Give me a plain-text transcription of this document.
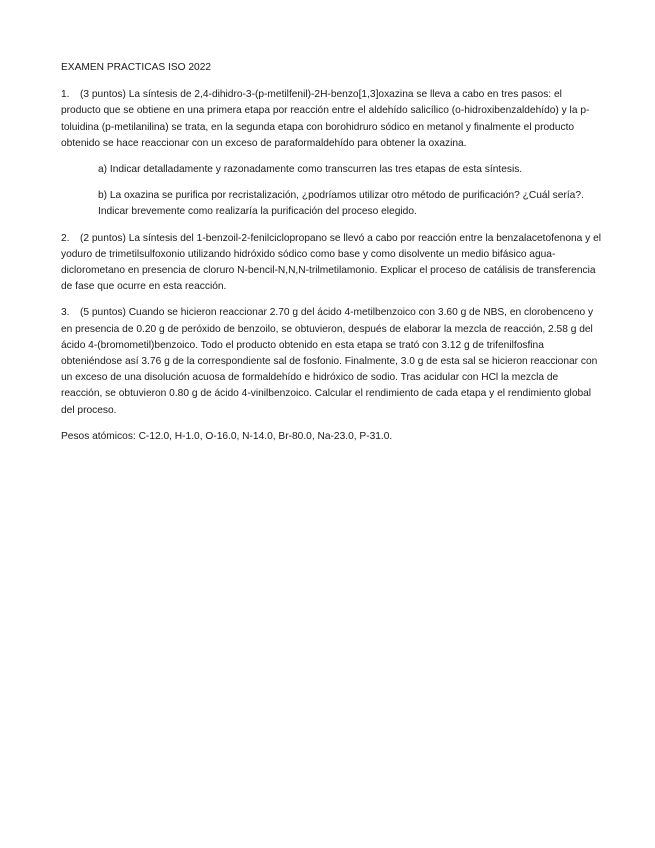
EXAMEN PRACTICAS ISO 2022

1. (3 puntos) La síntesis de 2,4-dihidro-3-(p-metilfenil)-2H-benzo[1,3]oxazina se lleva a cabo en tres pasos: el producto que se obtiene en una primera etapa por reacción entre el aldehído salicílico (o-hidroxibenzaldehído) y la p-toluidina (p-metilanilina) se trata, en la segunda etapa con borohidruro sódico en metanol y finalmente el producto obtenido se hace reaccionar con un exceso de paraformaldehído para obtener la oxazina.

a) Indicar detalladamente y razonadamente como transcurren las tres etapas de esta síntesis.

b) La oxazina se purifica por recristalización, ¿podríamos utilizar otro método de purificación? ¿Cuál sería?. Indicar brevemente como realizaría la purificación del proceso elegido.

2. (2 puntos) La síntesis del 1-benzoil-2-fenilciclopropano se llevó a cabo por reacción entre la benzalacetofenona y el yoduro de trimetilsulfoxonio utilizando hidróxido sódico como base y como disolvente un medio bifásico agua-diclorometano en presencia de cloruro N-bencil-N,N,N-trilmetilamonio. Explicar el proceso de catálisis de transferencia de fase que ocurre en esta reacción.

3. (5 puntos) Cuando se hicieron reaccionar 2.70 g del ácido 4-metilbenzoico con 3.60 g de NBS, en clorobenceno y en presencia de 0.20 g de peróxido de benzoilo, se obtuvieron, después de elaborar la mezcla de reacción, 2.58 g del ácido 4-(bromometil)benzoico. Todo el producto obtenido en esta etapa se trató con 3.12 g de trifenilfosfina obteniéndose así 3.76 g de la correspondiente sal de fosfonio. Finalmente, 3.0 g de esta sal se hicieron reaccionar con un exceso de una disolución acuosa de formaldehído e hidróxico de sodio. Tras acidular con HCl la mezcla de reacción, se obtuvieron 0.80 g de ácido 4-vinilbenzoico. Calcular el rendimiento de cada etapa y el rendimiento global del proceso.

Pesos atómicos: C-12.0, H-1.0, O-16.0, N-14.0, Br-80.0, Na-23.0, P-31.0.
